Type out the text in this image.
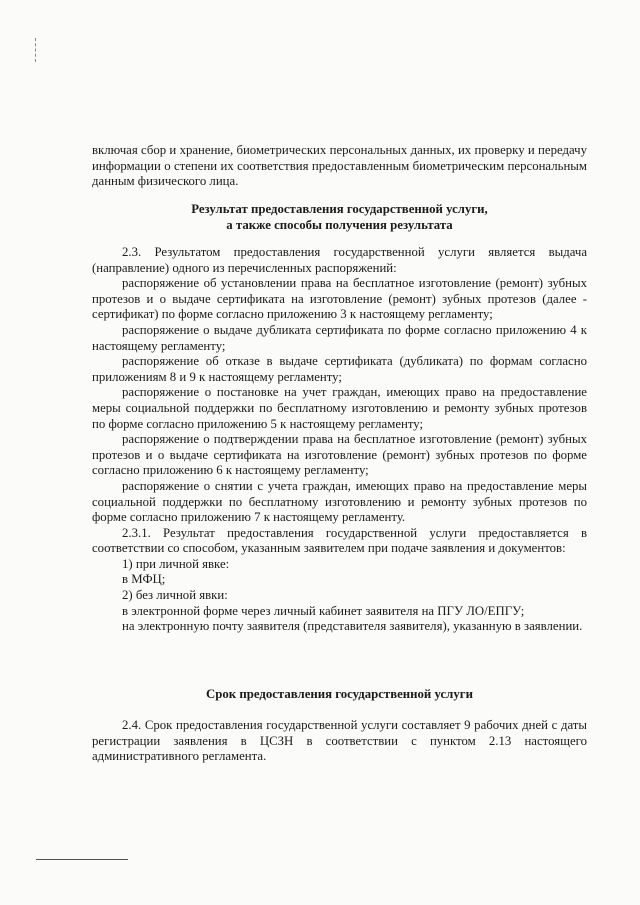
включая сбор и хранение, биометрических персональных данных, их проверку и передачу информации о степени их соответствия предоставленным биометрическим персональным данным физического лица.

Результат предоставления государственной услуги,
а также способы получения результата

2.3. Результатом предоставления государственной услуги является выдача (направление) одного из перечисленных распоряжений:

распоряжение об установлении права на бесплатное изготовление (ремонт) зубных протезов и о выдаче сертификата на изготовление (ремонт) зубных протезов (далее - сертификат) по форме согласно приложению 3 к настоящему регламенту;

распоряжение о выдаче дубликата сертификата по форме согласно приложению 4 к настоящему регламенту;

распоряжение об отказе в выдаче сертификата (дубликата) по формам согласно приложениям 8 и 9 к настоящему регламенту;

распоряжение о постановке на учет граждан, имеющих право на предоставление меры социальной поддержки по бесплатному изготовлению и ремонту зубных протезов по форме согласно приложению 5 к настоящему регламенту;

распоряжение о подтверждении права на бесплатное изготовление (ремонт) зубных протезов и о выдаче сертификата на изготовление (ремонт) зубных протезов по форме согласно приложению 6 к настоящему регламенту;

распоряжение о снятии с учета граждан, имеющих право на предоставление меры социальной поддержки по бесплатному изготовлению и ремонту зубных протезов по форме согласно приложению 7 к настоящему регламенту.

2.3.1. Результат предоставления государственной услуги предоставляется в соответствии со способом, указанным заявителем при подаче заявления и документов:

1) при личной явке:

в МФЦ;

2) без личной явки:

в электронной форме через личный кабинет заявителя на ПГУ ЛО/ЕПГУ;

на электронную почту заявителя (представителя заявителя), указанную в заявлении.

Срок предоставления государственной услуги

2.4. Срок предоставления государственной услуги составляет 9 рабочих дней с даты регистрации заявления в ЦСЗН в соответствии с пунктом 2.13 настоящего административного регламента.
